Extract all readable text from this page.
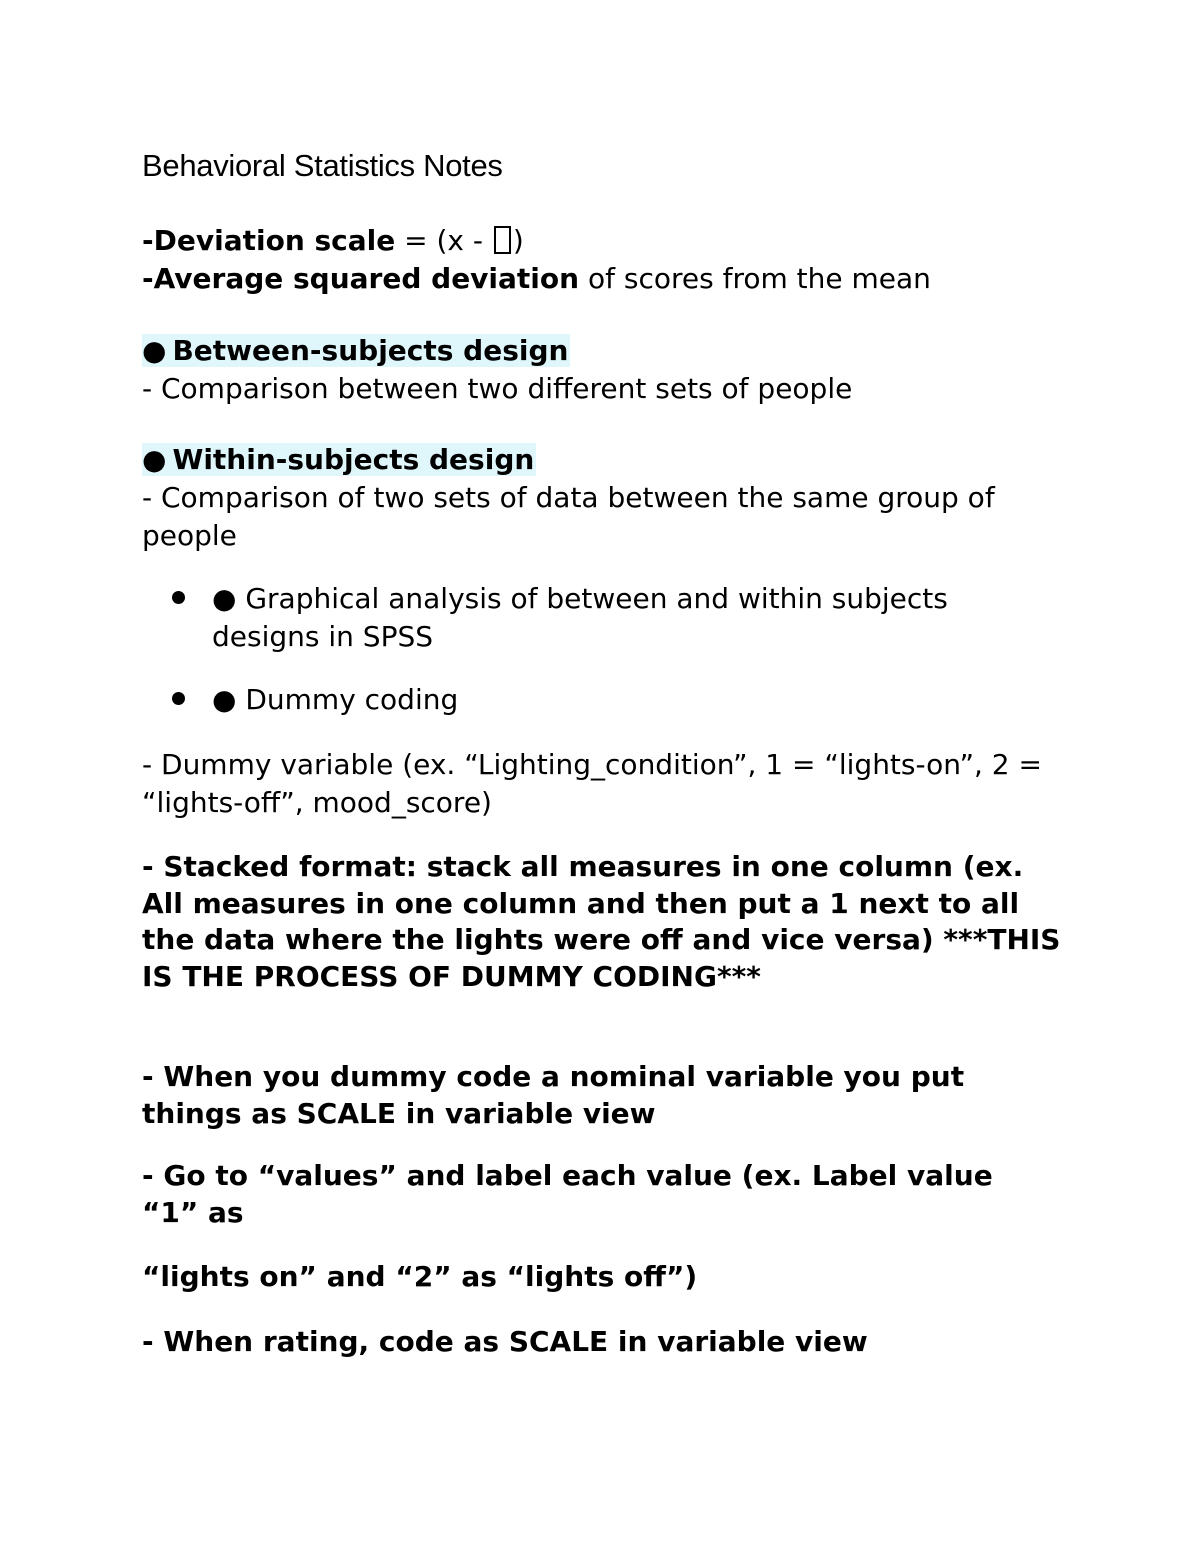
Behavioral Statistics Notes
-Deviation scale = (x - )
-Average squared deviation of scores from the mean
● Between-subjects design
- Comparison between two different sets of people
● Within-subjects design
- Comparison of two sets of data between the same group of people
● Graphical analysis of between and within subjects designs in SPSS
● Dummy coding
- Dummy variable (ex. “Lighting_condition”, 1 = “lights-on”, 2 = “lights-off”, mood_score)
- Stacked format: stack all measures in one column (ex. All measures in one column and then put a 1 next to all the data where the lights were off and vice versa) ***THIS IS THE PROCESS OF DUMMY CODING***
- When you dummy code a nominal variable you put things as SCALE in variable view
- Go to “values” and label each value (ex. Label value “1” as
“lights on” and “2” as “lights off”)
- When rating, code as SCALE in variable view
